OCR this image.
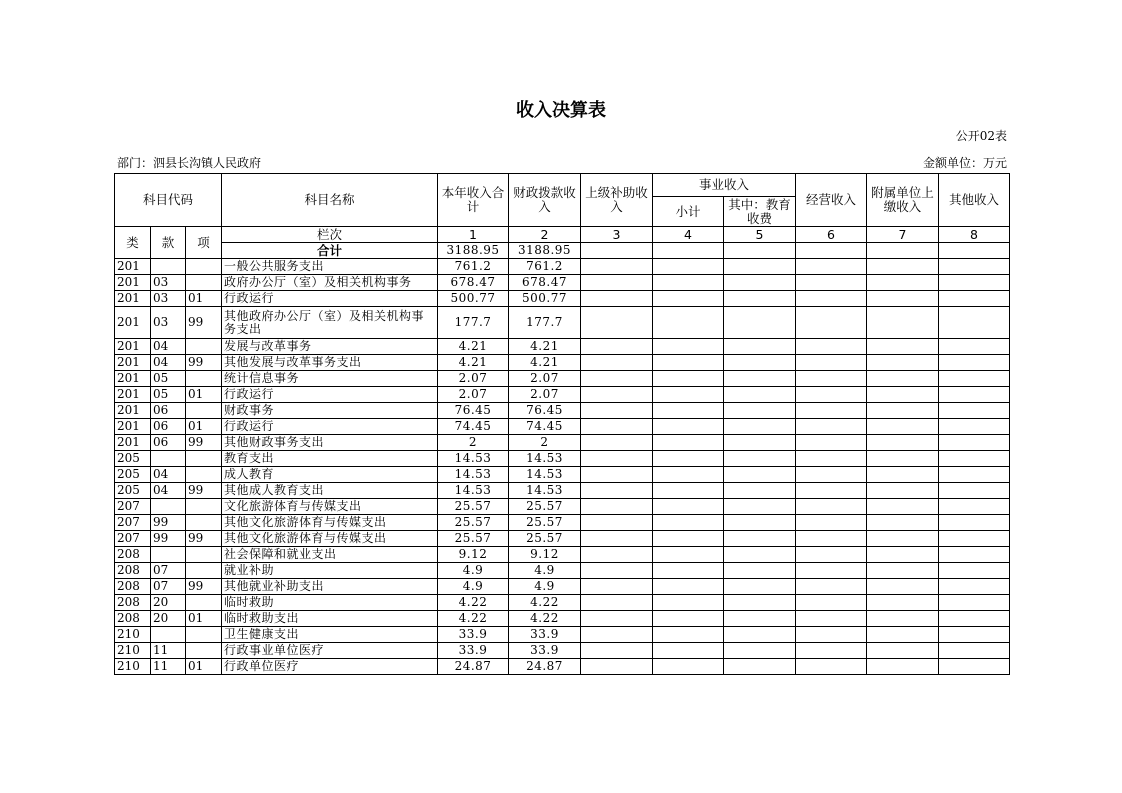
收入决算表
公开02表
部门：泗县长沟镇人民政府	金额单位：万元
科目代码			科目名称	本年收入合计	财政拨款收入	上级补助收入	事业收入		经营收入	附属单位上缴收入	其他收入
							小计	其中：教育收费			
类	款	项	栏次	1	2	3	4	5	6	7	8
			合计	3188.95	3188.95						
201			一般公共服务支出	761.2	761.2						
201	03		政府办公厅（室）及相关机构事务	678.47	678.47						
201	03	01	行政运行	500.77	500.77						
201	03	99	其他政府办公厅（室）及相关机构事务支出	177.7	177.7						
201	04		发展与改革事务	4.21	4.21						
201	04	99	其他发展与改革事务支出	4.21	4.21						
201	05		统计信息事务	2.07	2.07						
201	05	01	行政运行	2.07	2.07						
201	06		财政事务	76.45	76.45						
201	06	01	行政运行	74.45	74.45						
201	06	99	其他财政事务支出	2	2						
205			教育支出	14.53	14.53						
205	04		成人教育	14.53	14.53						
205	04	99	其他成人教育支出	14.53	14.53						
207			文化旅游体育与传媒支出	25.57	25.57						
207	99		其他文化旅游体育与传媒支出	25.57	25.57						
207	99	99	其他文化旅游体育与传媒支出	25.57	25.57						
208			社会保障和就业支出	9.12	9.12						
208	07		就业补助	4.9	4.9						
208	07	99	其他就业补助支出	4.9	4.9						
208	20		临时救助	4.22	4.22						
208	20	01	临时救助支出	4.22	4.22						
210			卫生健康支出	33.9	33.9						
210	11		行政事业单位医疗	33.9	33.9						
210	11	01	行政单位医疗	24.87	24.87						
